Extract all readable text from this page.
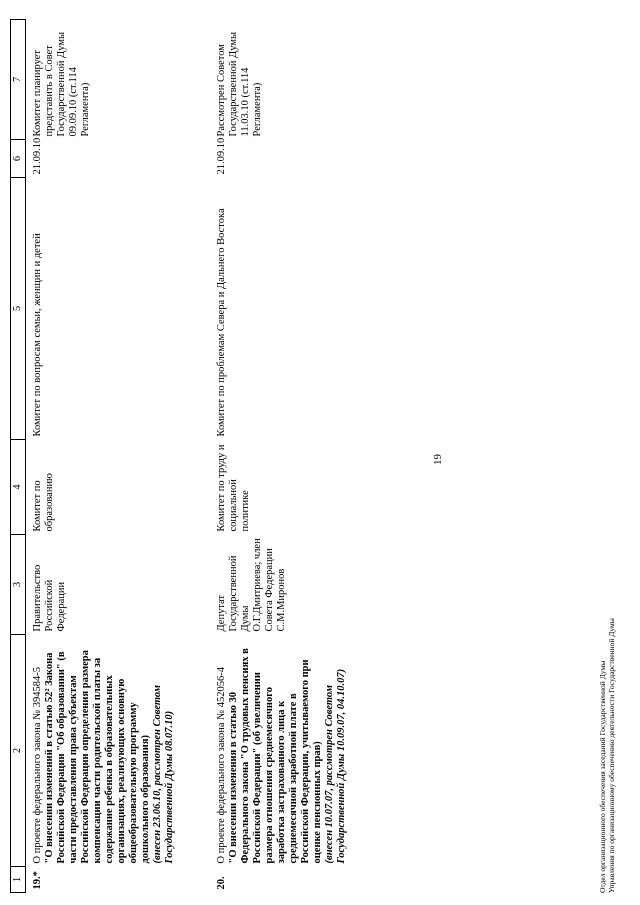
19
1	2	3	4	5	6	7
19.*	О проекте федерального закона № 394584-5 "О внесении изменений в статью 52² Закона Российской Федерации "Об образовании" (в части предоставления права субъектам Российской Федерации определения размера компенсации части родительской платы за содержание ребенка в образовательных организациях, реализующих основную общеобразовательную программу дошкольного образования) (внесен 23.06.10, рассмотрен Советом Государственной Думы 08.07.10)	Правительство Российской Федерации	Комитет по образованию	Комитет по вопросам семьи, женщин и детей	21.09.10	Комитет планирует представить в Совет Государственной Думы 09.09.10 (ст.114 Регламента)
20.	О проекте федерального закона № 452056-4 "О внесении изменения в статью 30 Федерального закона "О трудовых пенсиях в Российской Федерации" (об увеличении размера отношения среднемесячного заработка застрахованного лица к среднемесячной заработной плате в Российской Федерации, учитываемого при оценке пенсионных прав) (внесен 10.07.07, рассмотрен Советом Государственной Думы 10.09.07, 04.10.07)	Депутат Государственной Думы О.Г.Дмитриева; член Совета Федерации С.М.Миронов	Комитет по труду и социальной политике	Комитет по проблемам Севера и Дальнего Востока	21.09.10	Рассмотрен Советом Государственной Думы 11.03.10 (ст.114 Регламента)
Отдел организационного обеспечения заседаний Государственной Думы Управления по организационному обеспечению деятельности Государственной Думы
